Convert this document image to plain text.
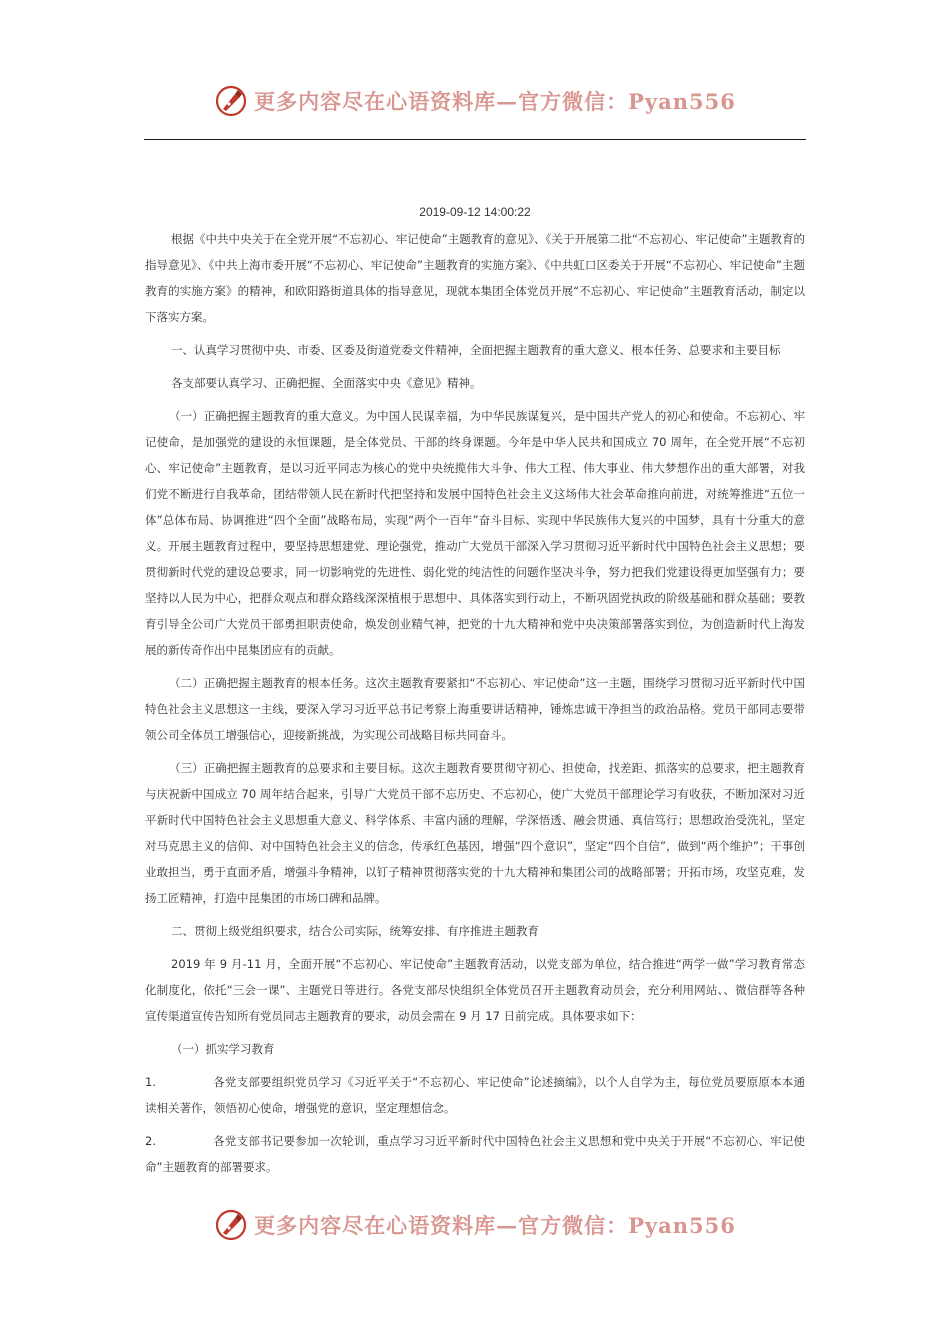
更多内容尽在心语资料库—官方微信：Pyan556
2019-09-12 14:00:22

根据《中共中央关于在全党开展“不忘初心、牢记使命”主题教育的意见》、《关于开展第二批“不忘初心、牢记使命”主题教育的指导意见》、《中共上海市委开展“不忘初心、牢记使命”主题教育的实施方案》、《中共虹口区委关于开展“不忘初心、牢记使命”主题教育的实施方案》的精神，和欧阳路街道具体的指导意见，现就本集团全体党员开展“不忘初心、牢记使命”主题教育活动，制定以下落实方案。

一、认真学习贯彻中央、市委、区委及街道党委文件精神，全面把握主题教育的重大意义、根本任务、总要求和主要目标

各支部要认真学习、正确把握、全面落实中央《意见》精神。

（一）正确把握主题教育的重大意义。为中国人民谋幸福，为中华民族谋复兴，是中国共产党人的初心和使命。不忘初心、牢记使命，是加强党的建设的永恒课题，是全体党员、干部的终身课题。今年是中华人民共和国成立 70 周年，在全党开展“不忘初心、牢记使命”主题教育，是以习近平同志为核心的党中央统揽伟大斗争、伟大工程、伟大事业、伟大梦想作出的重大部署，对我们党不断进行自我革命，团结带领人民在新时代把坚持和发展中国特色社会主义这场伟大社会革命推向前进，对统筹推进“五位一体”总体布局、协调推进“四个全面”战略布局，实现“两个一百年”奋斗目标、实现中华民族伟大复兴的中国梦，具有十分重大的意义。开展主题教育过程中，要坚持思想建党、理论强党，推动广大党员干部深入学习贯彻习近平新时代中国特色社会主义思想；要贯彻新时代党的建设总要求，同一切影响党的先进性、弱化党的纯洁性的问题作坚决斗争，努力把我们党建设得更加坚强有力；要坚持以人民为中心，把群众观点和群众路线深深植根于思想中、具体落实到行动上，不断巩固党执政的阶级基础和群众基础；要教育引导全公司广大党员干部勇担职责使命，焕发创业精气神，把党的十九大精神和党中央决策部署落实到位，为创造新时代上海发展的新传奇作出中昆集团应有的贡献。

（二）正确把握主题教育的根本任务。这次主题教育要紧扣“不忘初心、牢记使命”这一主题，围绕学习贯彻习近平新时代中国特色社会主义思想这一主线，要深入学习习近平总书记考察上海重要讲话精神，锤炼忠诚干净担当的政治品格。党员干部同志要带领公司全体员工增强信心，迎接新挑战，为实现公司战略目标共同奋斗。

（三）正确把握主题教育的总要求和主要目标。这次主题教育要贯彻守初心、担使命，找差距、抓落实的总要求，把主题教育与庆祝新中国成立 70 周年结合起来，引导广大党员干部不忘历史、不忘初心，使广大党员干部理论学习有收获，不断加深对习近平新时代中国特色社会主义思想重大意义、科学体系、丰富内涵的理解，学深悟透、融会贯通、真信笃行；思想政治受洗礼，坚定对马克思主义的信仰、对中国特色社会主义的信念，传承红色基因，增强“四个意识”，坚定“四个自信”，做到“两个维护”；干事创业敢担当，勇于直面矛盾，增强斗争精神，以钉子精神贯彻落实党的十九大精神和集团公司的战略部署；开拓市场，攻坚克难，发扬工匠精神，打造中昆集团的市场口碑和品牌。

二、贯彻上级党组织要求，结合公司实际，统筹安排、有序推进主题教育

2019 年 9 月-11 月，全面开展“不忘初心、牢记使命”主题教育活动，以党支部为单位，结合推进“两学一做”学习教育常态化制度化，依托“三会一课”、主题党日等进行。各党支部尽快组织全体党员召开主题教育动员会，充分利用网站、、微信群等各种宣传渠道宣传告知所有党员同志主题教育的要求，动员会需在 9 月 17 日前完成。具体要求如下：

（一）抓实学习教育

1.	各党支部要组织党员学习《习近平关于“不忘初心、牢记使命”论述摘编》，以个人自学为主，每位党员要原原本本通读相关著作，领悟初心使命，增强党的意识，坚定理想信念。

2.	各党支部书记要参加一次轮训，重点学习习近平新时代中国特色社会主义思想和党中央关于开展“不忘初心、牢记使命”主题教育的部署要求。

更多内容尽在心语资料库—官方微信：Pyan556
